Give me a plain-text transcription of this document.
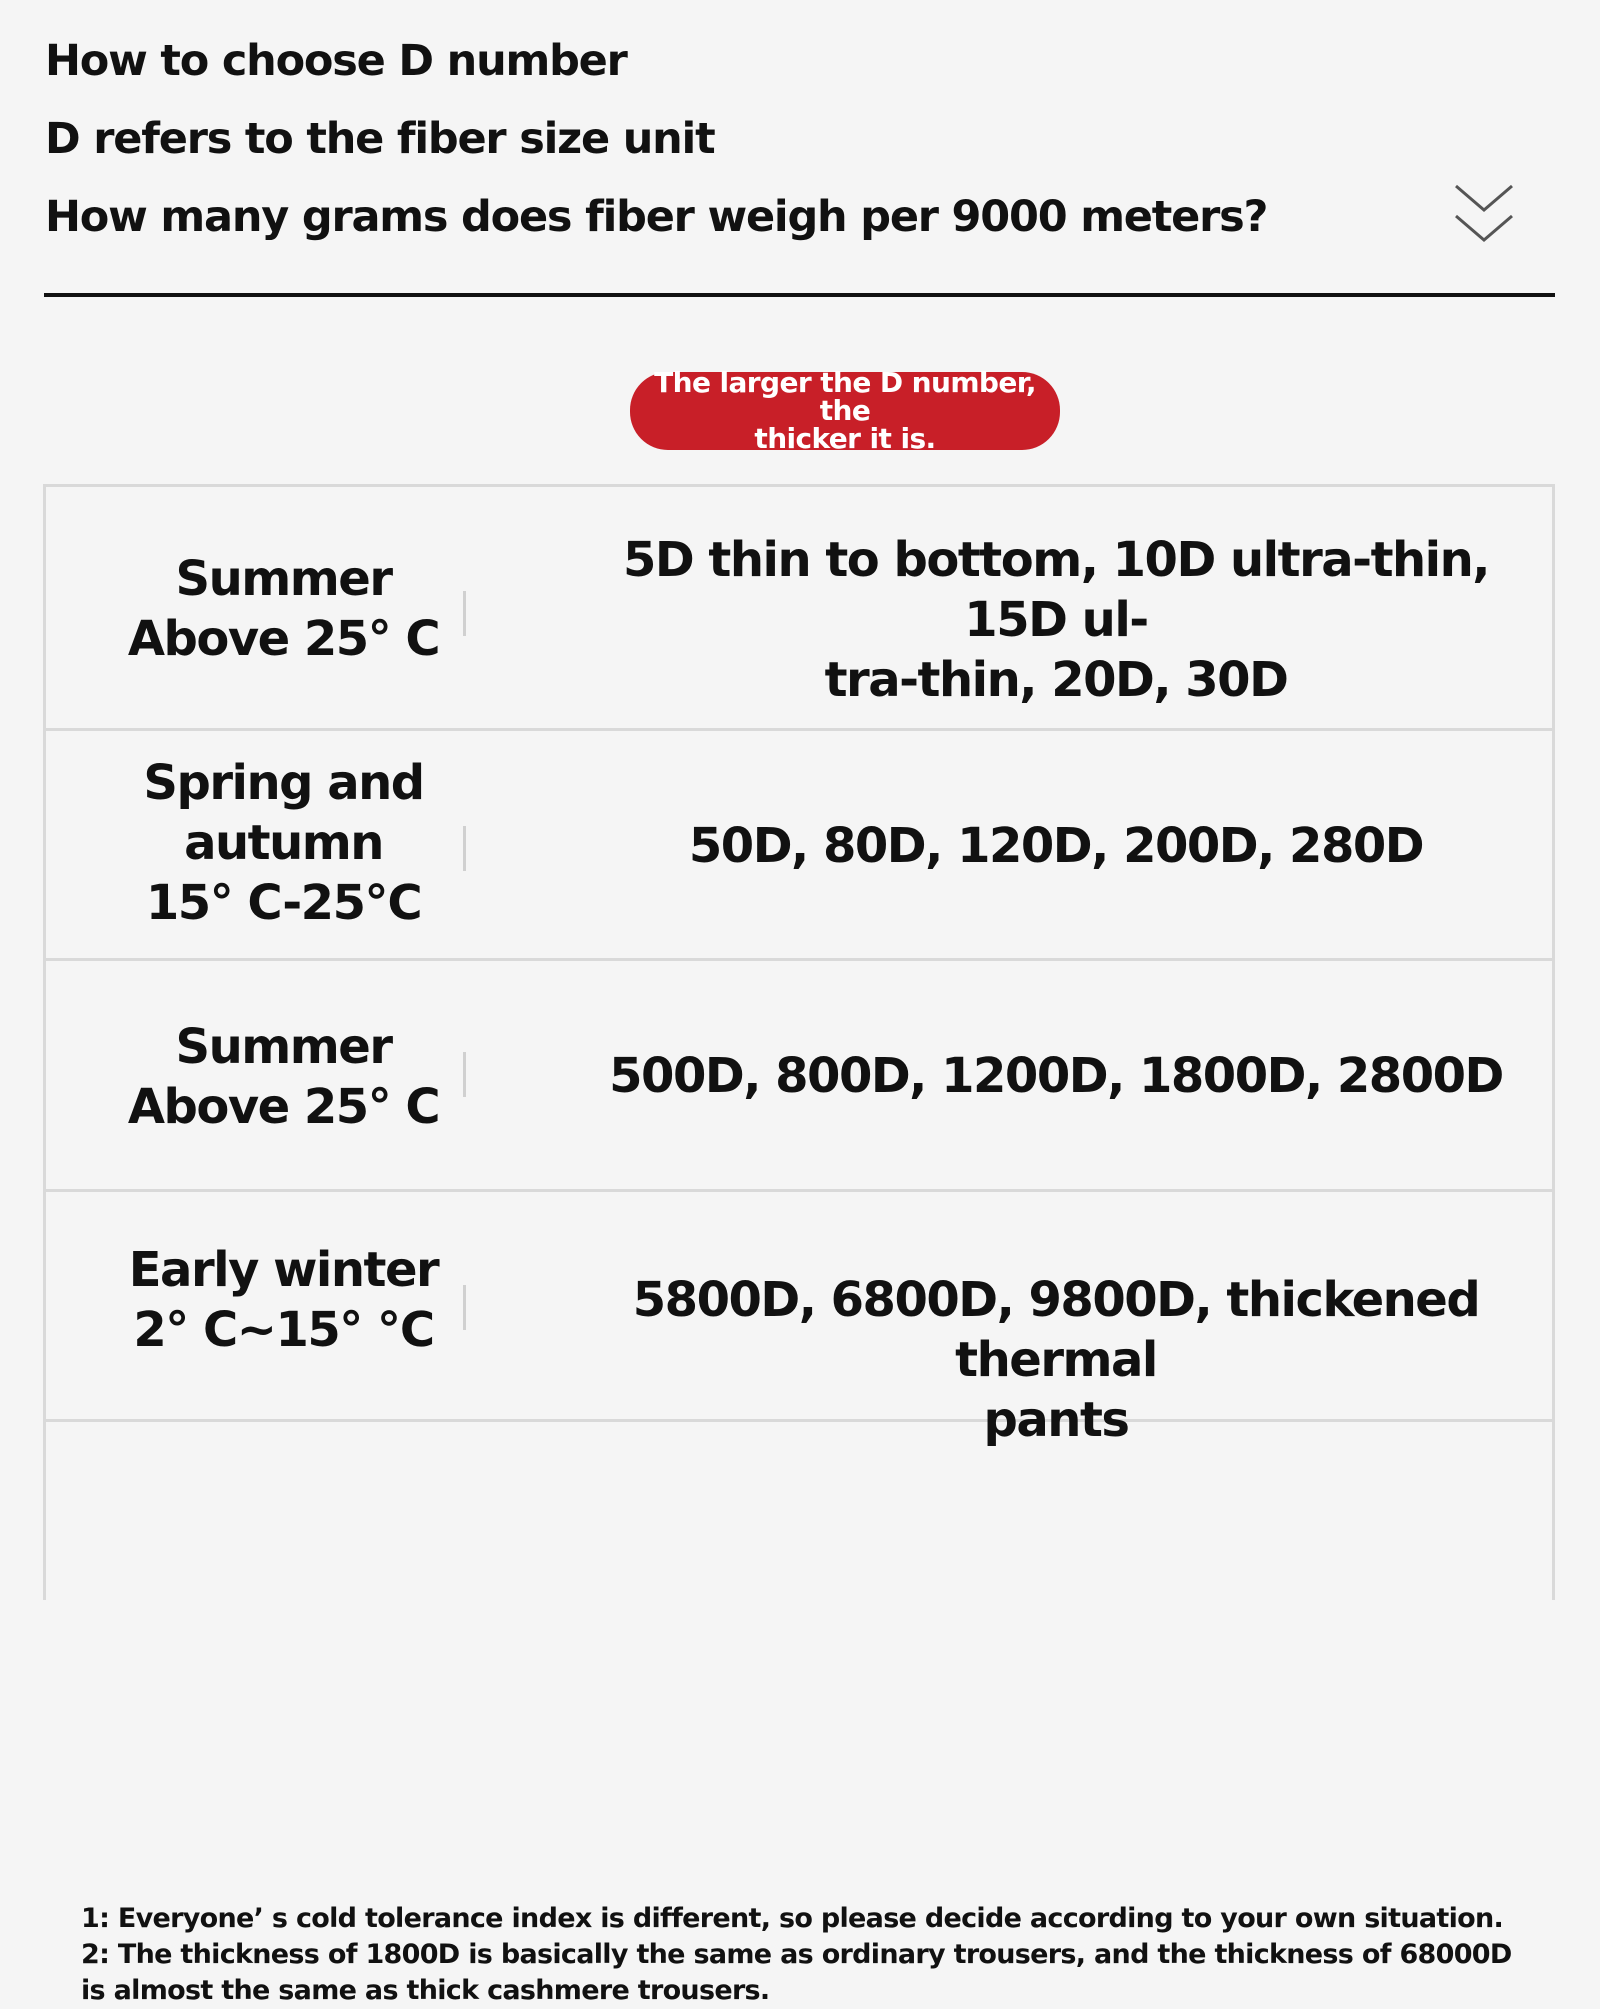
How to choose D number
D refers to the fiber size unit
How many grams does fiber weigh per 9000 meters?
The larger the D number, the
thicker it is.
Summer
Above 25° C
5D thin to bottom, 10D ultra-thin, 15D ul-
tra-thin, 20D, 30D
Spring and
autumn
15° C-25℃
50D, 80D, 120D, 200D, 280D
Summer
Above 25° C
500D, 800D, 1200D, 1800D, 2800D
Early winter
2° C~15° ℃
5800D, 6800D, 9800D, thickened thermal
pants
1: Everyone’ s cold tolerance index is different, so please decide according to your own situation.
2: The thickness of 1800D is basically the same as ordinary trousers, and the thickness of 68000D is almost the same as thick cashmere trousers.
